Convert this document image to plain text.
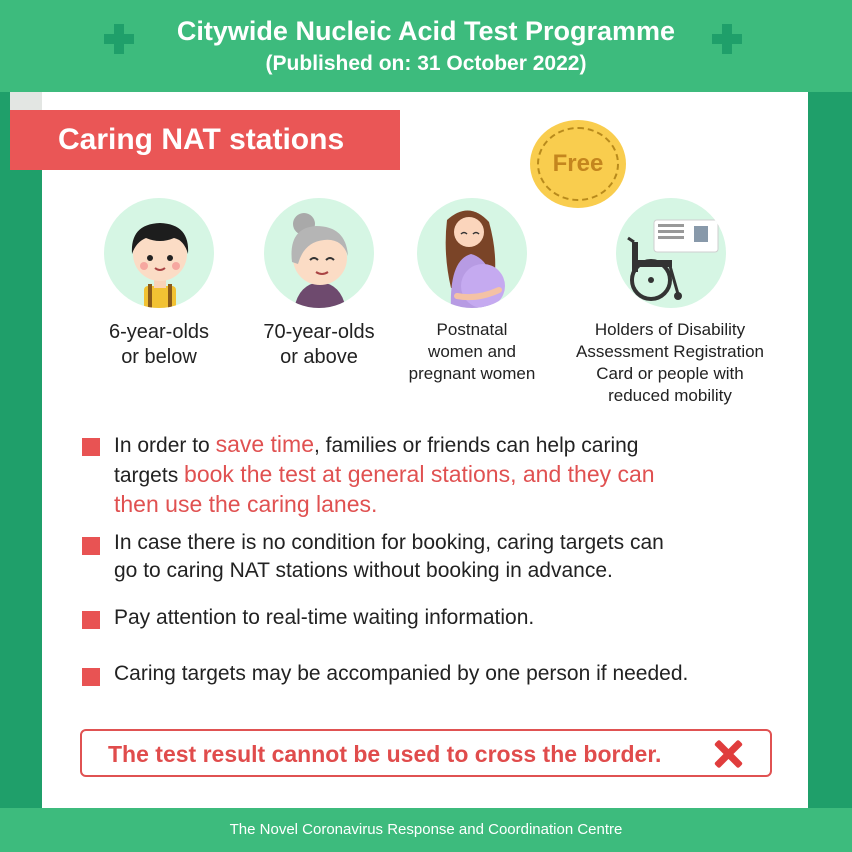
Citywide Nucleic Acid Test Programme
(Published on: 31 October 2022)
Caring NAT stations
Free
6-year-olds
or below
70-year-olds
or above
Postnatal
women and
pregnant women
Holders of Disability
Assessment Registration
Card or people with
reduced mobility
In order to save time, families or friends can help caring
targets book the test at general stations, and they can
then use the caring lanes.
In case there is no condition for booking, caring targets can
go to caring NAT stations without booking in advance.
Pay attention to real-time waiting information.
Caring targets may be accompanied by one person if needed.
The test result cannot be used to cross the border.
The Novel Coronavirus Response and Coordination Centre
